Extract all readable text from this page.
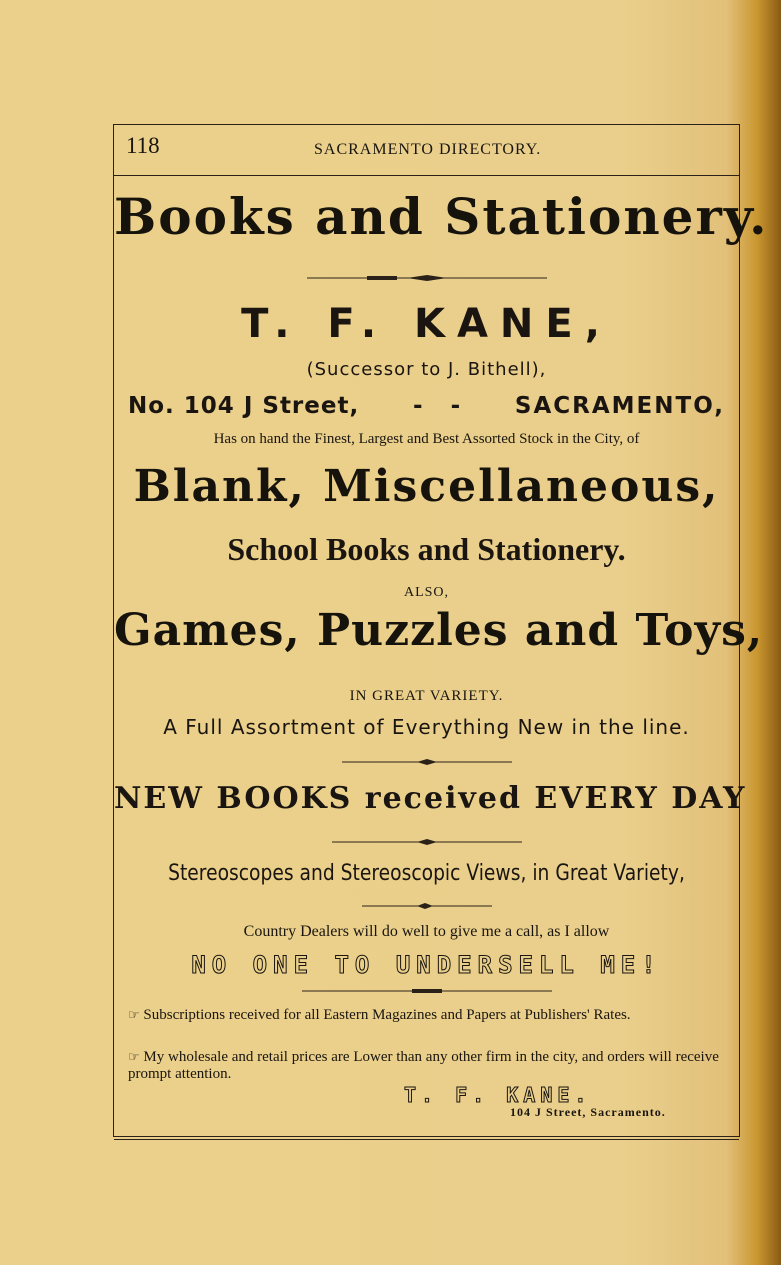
118	SACRAMENTO DIRECTORY.
Books and Stationery.
T. F. KANE,
(Successor to J. Bithell),
No. 104 J Street, -   - SACRAMENTO,
Has on hand the Finest, Largest and Best Assorted Stock in the City, of
Blank, Miscellaneous,
School Books and Stationery.
ALSO,
Games, Puzzles and Toys,
IN GREAT VARIETY.
A Full Assortment of Everything New in the line.
NEW BOOKS received EVERY DAY
Stereoscopes and Stereoscopic Views, in Great Variety,
Country Dealers will do well to give me a call, as I allow
NO ONE TO UNDERSELL ME!
☞ Subscriptions received for all Eastern Magazines and Papers at Publishers' Rates.
☞ My wholesale and retail prices are Lower than any other firm in the city, and orders will receive prompt attention.
T. F. KANE.
104 J Street, Sacramento.
